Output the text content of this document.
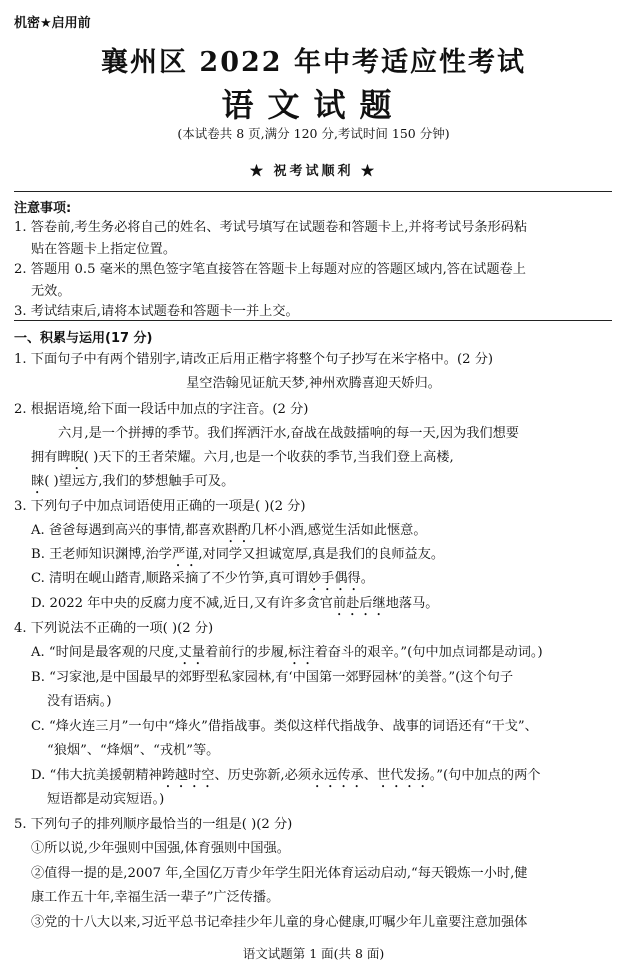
机密★启用前
襄州区 2022 年中考适应性考试
语文试题
(本试卷共 8 页,满分 120 分,考试时间 150 分钟)
★ 祝考试顺利 ★
注意事项:
1. 答卷前,考生务必将自己的姓名、考试号填写在试题卷和答题卡上,并将考试号条形码粘
贴在答题卡上指定位置。
2. 答题用 0.5 毫米的黑色签字笔直接答在答题卡上每题对应的答题区域内,答在试题卷上
无效。
3. 考试结束后,请将本试题卷和答题卡一并上交。
一、积累与运用(17 分)
1. 下面句子中有两个错别字,请改正后用正楷字将整个句子抄写在米字格中。(2 分)
星空浩翰见证航天梦,神州欢腾喜迎天娇归。
2. 根据语境,给下面一段话中加点的字注音。(2 分)
六月,是一个拼搏的季节。我们挥洒汗水,奋战在战鼓擂响的每一天,因为我们想要
拥有睥睨( )天下的王者荣耀。六月,也是一个收获的季节,当我们登上高楼,
睐( )望远方,我们的梦想触手可及。
3. 下列句子中加点词语使用正确的一项是( )(2 分)
A. 爸爸每遇到高兴的事情,都喜欢斟酌几杯小酒,感觉生活如此惬意。
B. 王老师知识渊博,治学严谨,对同学又担诚宽厚,真是我们的良师益友。
C. 清明在岘山踏青,顺路采摘了不少竹笋,真可谓妙手偶得。
D. 2022 年中央的反腐力度不减,近日,又有许多贪官前赴后继地落马。
4. 下列说法不正确的一项( )(2 分)
A. “时间是最客观的尺度,丈量着前行的步履,标注着奋斗的艰辛。”(句中加点词都是动词。)
B. “习家池,是中国最早的郊野型私家园林,有‘中国第一郊野园林’的美誉。”(这个句子
没有语病。)
C. “烽火连三月”一句中“烽火”借指战事。类似这样代指战争、战事的词语还有“干戈”、
“狼烟”、“烽烟”、“戎机”等。
D. “伟大抗美援朝精神跨越时空、历史弥新,必须永远传承、世代发扬。”(句中加点的两个
短语都是动宾短语。)
5. 下列句子的排列顺序最恰当的一组是( )(2 分)
①所以说,少年强则中国强,体育强则中国强。
②值得一提的是,2007 年,全国亿万青少年学生阳光体育运动启动,“每天锻炼一小时,健
康工作五十年,幸福生活一辈子”广泛传播。
③党的十八大以来,习近平总书记牵挂少年儿童的身心健康,叮嘱少年儿童要注意加强体
语文试题第 1 面(共 8 面)
